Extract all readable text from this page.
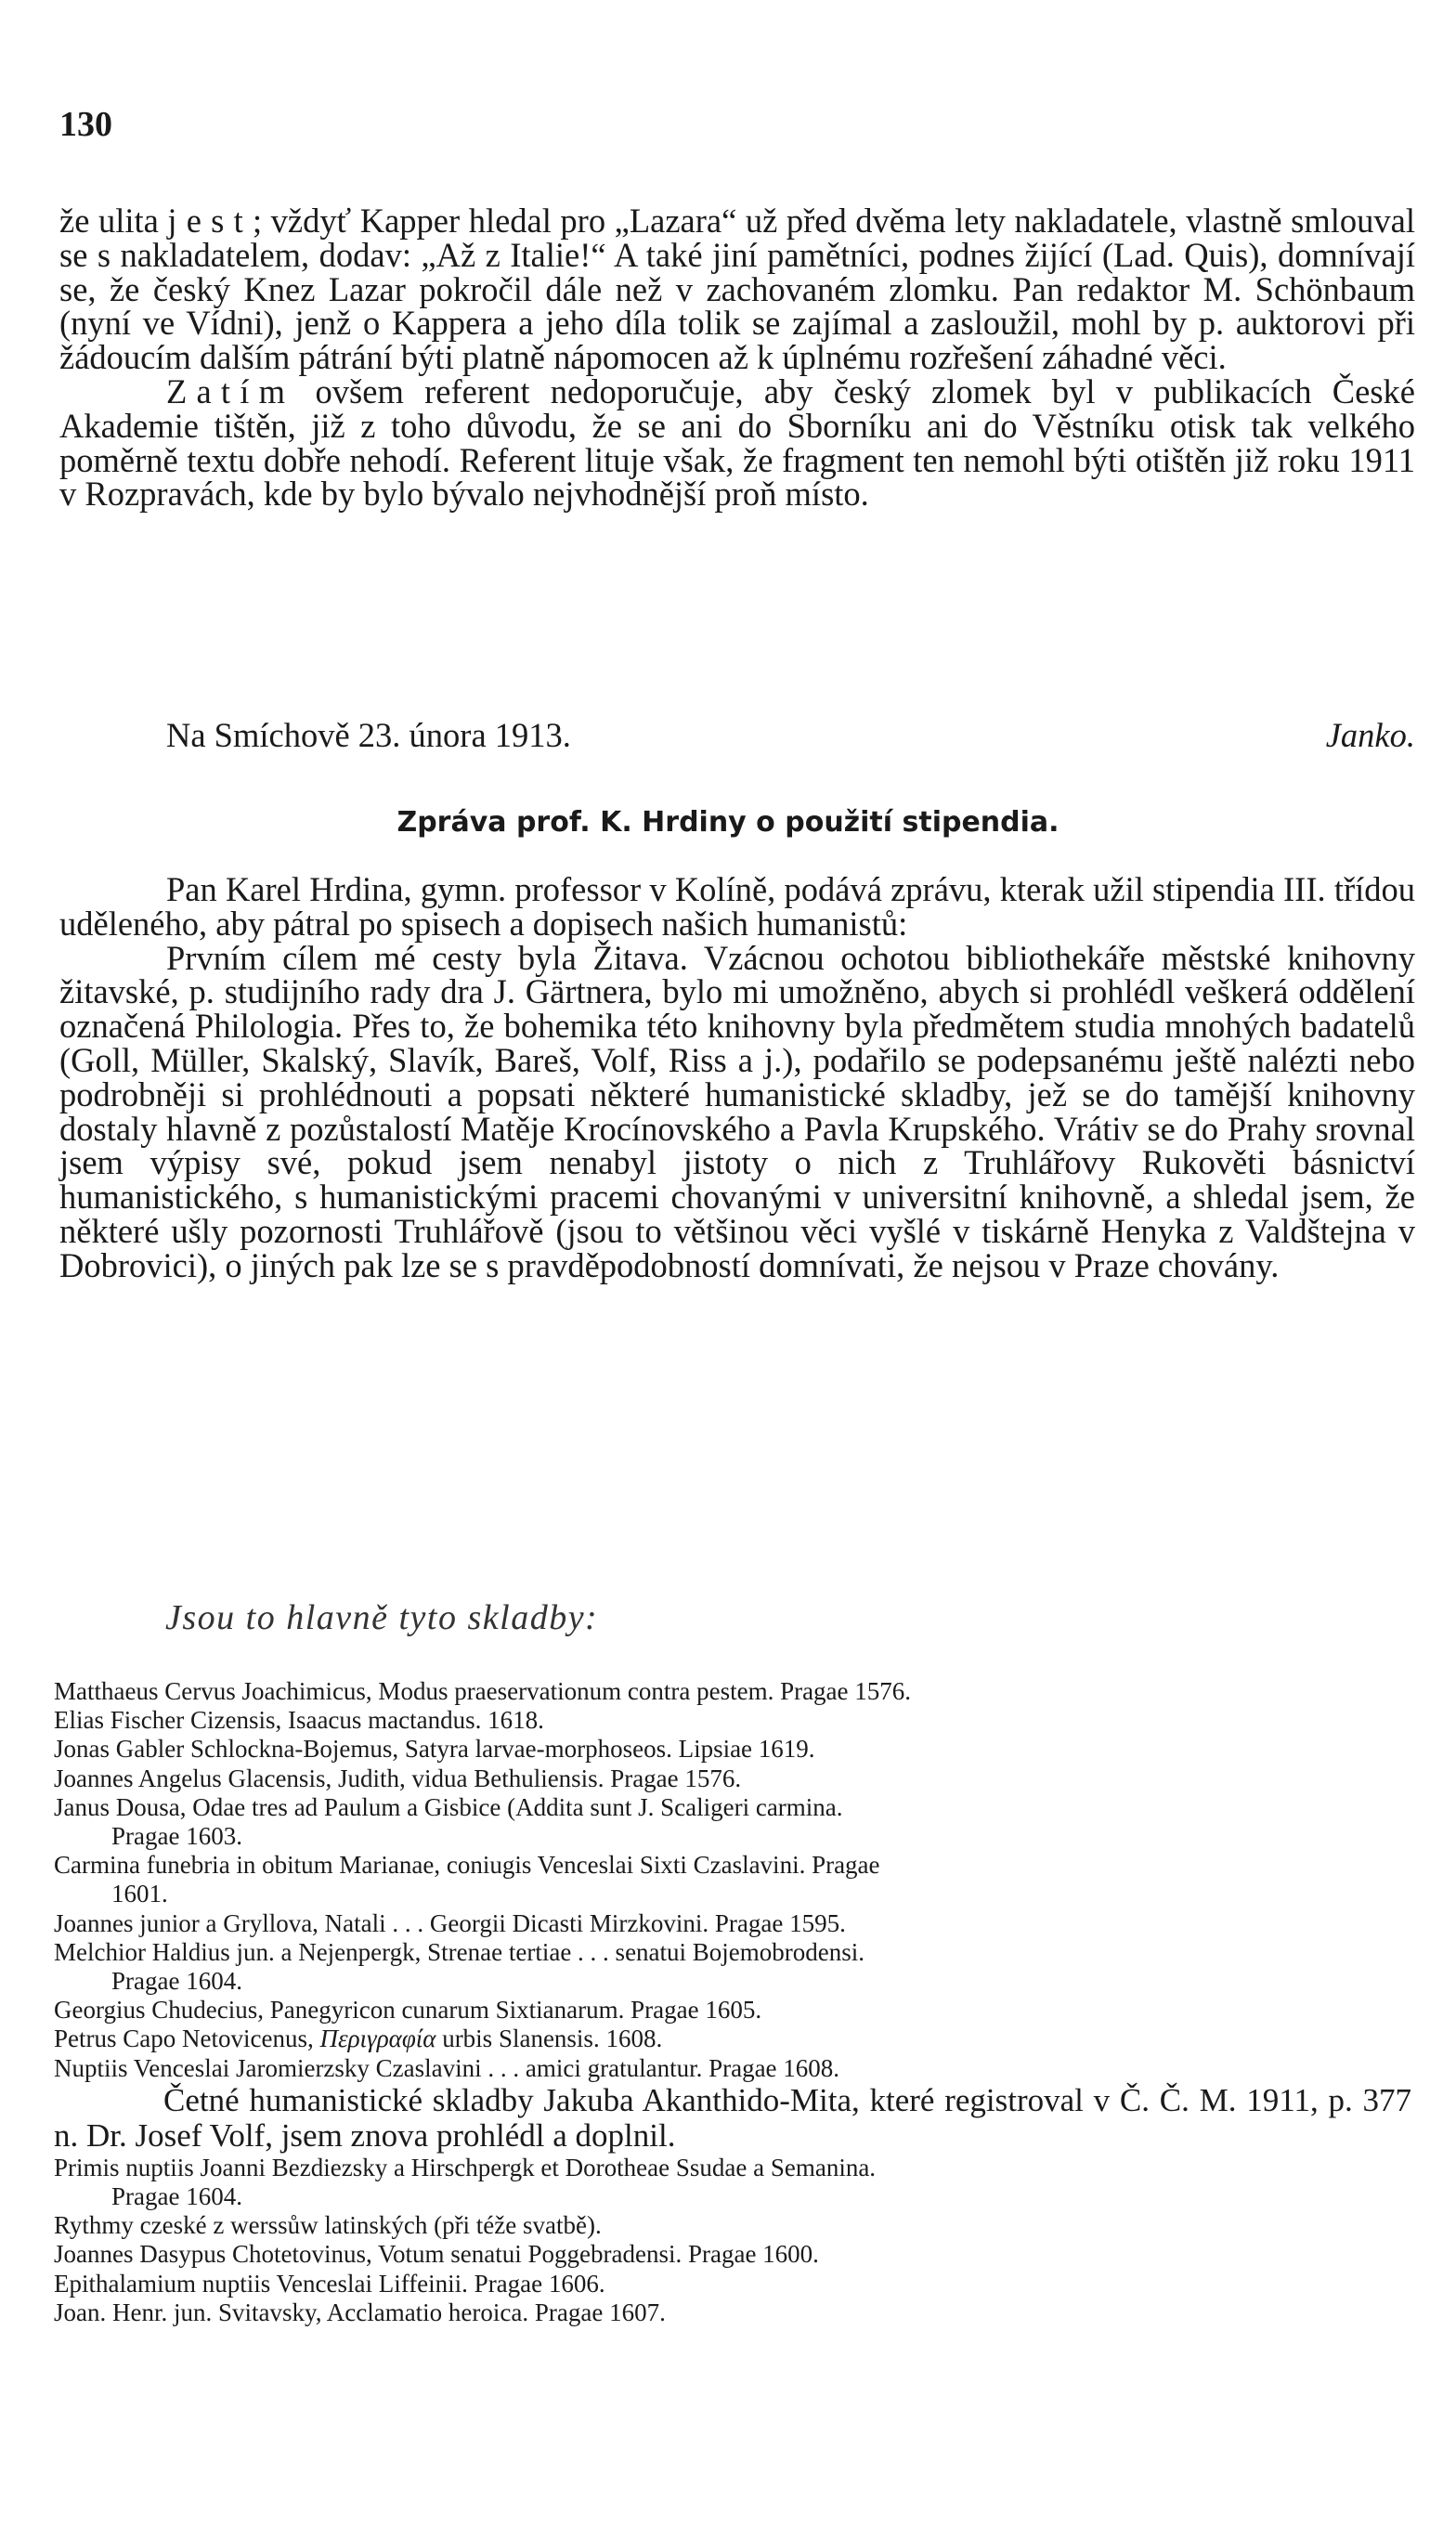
130

že ulita jest; vždyť Kapper hledal pro „Lazara“ už před dvěma lety nakladatele, vlastně smlouval se s nakladatelem, dodav: „Až z Italie!“ A také jiní pamětníci, podnes žijící (Lad. Quis), domnívají se, že český Knez Lazar pokročil dále než v zachovaném zlomku. Pan redaktor M. Schönbaum (nyní ve Vídni), jenž o Kappera a jeho díla tolik se zajímal a zasloužil, mohl by p. auktorovi při žádoucím dalším pátrání býti platně nápomocen až k úplnému rozřešení záhadné věci.

Zatím ovšem referent nedoporučuje, aby český zlomek byl v publikacích České Akademie tištěn, již z toho důvodu, že se ani do Sborníku ani do Věstníku otisk tak velkého poměrně textu dobře nehodí. Referent lituje však, že fragment ten nemohl býti otištěn již roku 1911 v Rozpravách, kde by bylo bývalo nejvhodnější proň místo.

Na Smíchově 23. února 1913.	Janko.
Zpráva prof. K. Hrdiny o použití stipendia.

Pan Karel Hrdina, gymn. professor v Kolíně, podává zprávu, kterak užil stipendia III. třídou uděleného, aby pátral po spisech a dopisech našich humanistů:

Prvním cílem mé cesty byla Žitava. Vzácnou ochotou bibliothekáře městské knihovny žitavské, p. studijního rady dra J. Gärtnera, bylo mi umožněno, abych si prohlédl veškerá oddělení označená Philologia. Přes to, že bohemika této knihovny byla předmětem studia mnohých badatelů (Goll, Müller, Skalský, Slavík, Bareš, Volf, Riss a j.), podařilo se podepsanému ještě nalézti nebo podrobněji si prohlédnouti a popsati některé humanistické skladby, jež se do tamější knihovny dostaly hlavně z pozůstalostí Matěje Krocínovského a Pavla Krupského. Vrátiv se do Prahy srovnal jsem výpisy své, pokud jsem nenabyl jistoty o nich z Truhlářovy Rukověti básnictví humanistického, s humanistickými pracemi chovanými v universitní knihovně, a shledal jsem, že některé ušly pozornosti Truhlářově (jsou to většinou věci vyšlé v tiskárně Henyka z Valdštejna v Dobrovici), o jiných pak lze se s pravděpodobností domnívati, že nejsou v Praze chovány.

Jsou to hlavně tyto skladby:

Matthaeus Cervus Joachimicus, Modus praeservationum contra pestem. Pragae 1576.

Elias Fischer Cizensis, Isaacus mactandus. 1618.

Jonas Gabler Schlockna-Bojemus, Satyra larvae-morphoseos. Lipsiae 1619.

Joannes Angelus Glacensis, Judith, vidua Bethuliensis. Pragae 1576.

Janus Dousa, Odae tres ad Paulum a Gisbice (Addita sunt J. Scaligeri carmina.

Pragae 1603.

Carmina funebria in obitum Marianae, coniugis Venceslai Sixti Czaslavini. Pragae

1601.

Joannes junior a Gryllova, Natali . . . Georgii Dicasti Mirzkovini. Pragae 1595.

Melchior Haldius jun. a Nejenpergk, Strenae tertiae . . . senatui Bojemobrodensi.

Pragae 1604.

Georgius Chudecius, Panegyricon cunarum Sixtianarum. Pragae 1605.

Petrus Capo Netovicenus, Περιγραφία urbis Slanensis. 1608.

Nuptiis Venceslai Jaromierzsky Czaslavini . . . amici gratulantur. Pragae 1608.

Četné humanistické skladby Jakuba Akanthido-Mita, které registroval v Č. Č. M. 1911, p. 377 n. Dr. Josef Volf, jsem znova prohlédl a doplnil.

Primis nuptiis Joanni Bezdiezsky a Hirschpergk et Dorotheae Ssudae a Semanina.

Pragae 1604.

Rythmy czeské z werssůw latinských (při téže svatbě).

Joannes Dasypus Chotetovinus, Votum senatui Poggebradensi. Pragae 1600.

Epithalamium nuptiis Venceslai Liffeinii. Pragae 1606.

Joan. Henr. jun. Svitavsky, Acclamatio heroica. Pragae 1607.
